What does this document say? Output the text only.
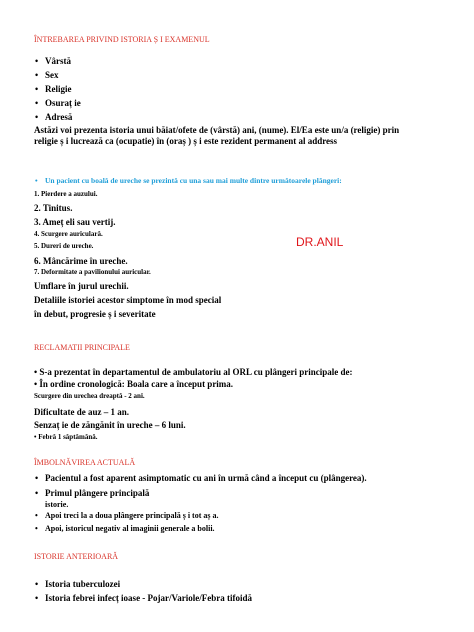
ÎNTREBAREA PRIVIND ISTORIA Ș I EXAMENUL
• Vârstă
• Sex
• Religie
• Osuraț ie
• Adresă
Astăzi voi prezenta istoria unui băiat/ofete de (vârstă) ani, (nume). El/Ea este un/a (religie) prin religie ș i lucrează ca (ocupatie) în (oraș ) ș i este rezident permanent al address
• Un pacient cu boală de ureche se prezintă cu una sau mai multe dintre următoarele plângeri:
1. Pierdere a auzului.
2. Tinitus.
3. Ameț eli sau vertij.
4. Scurgere auriculară.
5. Dureri de ureche.
6. Mâncărime în ureche.
7. Deformitate a pavilionului auricular.
Umflare în jurul urechii.
Detaliile istoriei acestor simptome în mod special
în debut, progresie ș i severitate
DR.ANIL
RECLAMATII PRINCIPALE
• S-a prezentat în departamentul de ambulatoriu al ORL cu plângeri principale de:
• În ordine cronologică: Boala care a început prima.
Scurgere din urechea dreaptă - 2 ani.
Dificultate de auz – 1 an.
Senzaț ie de zăngănit în ureche – 6 luni.
• Febră 1 săptămână.
ÎMBOLNĂVIREA ACTUALĂ
• Pacientul a fost aparent asimptomatic cu ani în urmă când a început cu (plângerea).
• Primul plângere principală
istorie.
• Apoi treci la a doua plângere principală ș i tot aș a.
• Apoi, istoricul negativ al imaginii generale a bolii.
ISTORIE ANTERIOARĂ
• Istoria tuberculozei
• Istoria febrei infecț ioase - Pojar/Variole/Febra tifoidă
